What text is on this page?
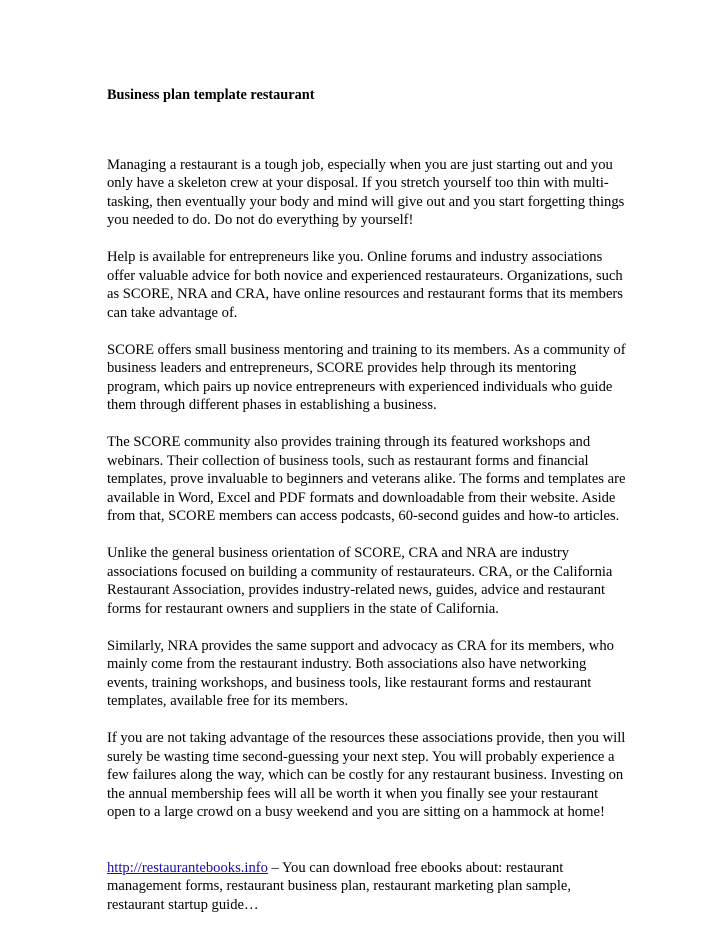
Business plan template restaurant
Managing a restaurant is a tough job, especially when you are just starting out and you only have a skeleton crew at your disposal. If you stretch yourself too thin with multi-tasking, then eventually your body and mind will give out and you start forgetting things you needed to do. Do not do everything by yourself!
Help is available for entrepreneurs like you. Online forums and industry associations offer valuable advice for both novice and experienced restaurateurs. Organizations, such as SCORE, NRA and CRA, have online resources and restaurant forms that its members can take advantage of.
SCORE offers small business mentoring and training to its members. As a community of business leaders and entrepreneurs, SCORE provides help through its mentoring program, which pairs up novice entrepreneurs with experienced individuals who guide them through different phases in establishing a business.
The SCORE community also provides training through its featured workshops and webinars. Their collection of business tools, such as restaurant forms and financial templates, prove invaluable to beginners and veterans alike. The forms and templates are available in Word, Excel and PDF formats and downloadable from their website. Aside from that, SCORE members can access podcasts, 60-second guides and how-to articles.
Unlike the general business orientation of SCORE, CRA and NRA are industry associations focused on building a community of restaurateurs. CRA, or the California Restaurant Association, provides industry-related news, guides, advice and restaurant forms for restaurant owners and suppliers in the state of California.
Similarly, NRA provides the same support and advocacy as CRA for its members, who mainly come from the restaurant industry. Both associations also have networking events, training workshops, and business tools, like restaurant forms and restaurant templates, available free for its members.
If you are not taking advantage of the resources these associations provide, then you will surely be wasting time second-guessing your next step. You will probably experience a few failures along the way, which can be costly for any restaurant business. Investing on the annual membership fees will all be worth it when you finally see your restaurant open to a large crowd on a busy weekend and you are sitting on a hammock at home!
http://restaurantebooks.info – You can download free ebooks about: restaurant management forms, restaurant business plan, restaurant marketing plan sample, restaurant startup guide…
